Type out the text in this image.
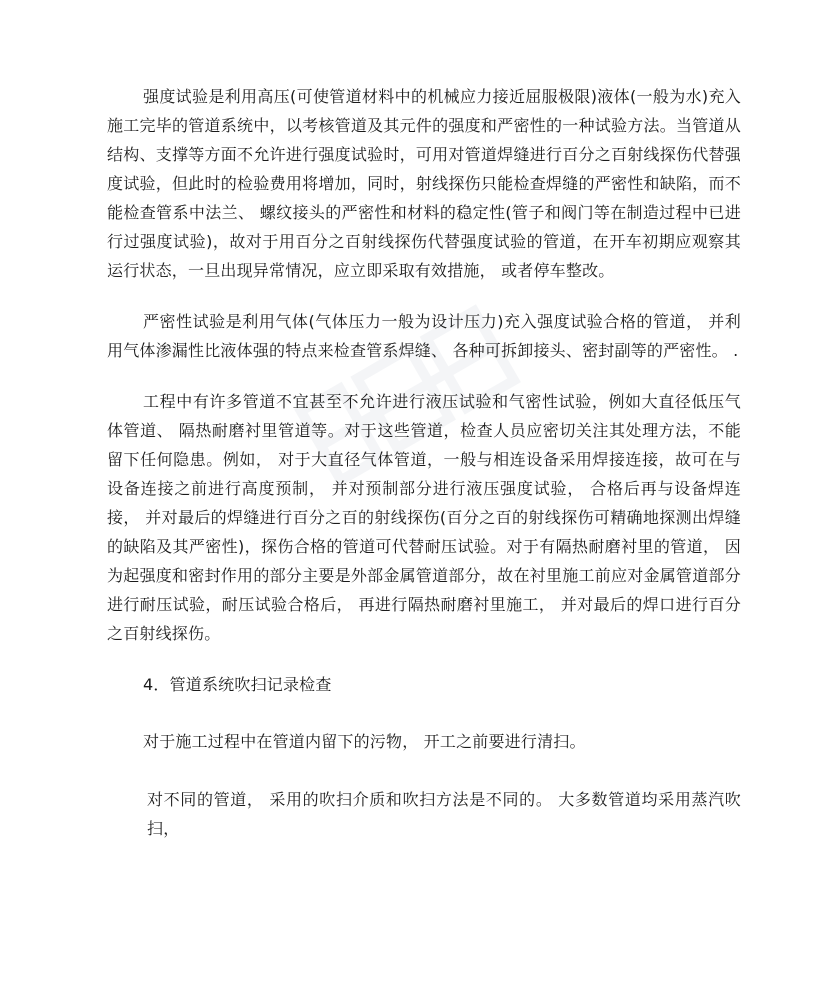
强度试验是利用高压(可使管道材料中的机械应力接近屈服极限)液体(一般为水)充入施工完毕的管道系统中，以考核管道及其元件的强度和严密性的一种试验方法。当管道从结构、支撑等方面不允许进行强度试验时，可用对管道焊缝进行百分之百射线探伤代替强度试验，但此时的检验费用将增加，同时，射线探伤只能检查焊缝的严密性和缺陷，而不能检查管系中法兰、 螺纹接头的严密性和材料的稳定性(管子和阀门等在制造过程中已进行过强度试验)，故对于用百分之百射线探伤代替强度试验的管道，在开车初期应观察其运行状态，一旦出现异常情况，应立即采取有效措施， 或者停车整改。

严密性试验是利用气体(气体压力一般为设计压力)充入强度试验合格的管道， 并利用气体渗漏性比液体强的特点来检查管系焊缝、 各种可拆卸接头、密封副等的严密性。 .

工程中有许多管道不宜甚至不允许进行液压试验和气密性试验，例如大直径低压气体管道、 隔热耐磨衬里管道等。对于这些管道，检查人员应密切关注其处理方法，不能留下任何隐患。例如， 对于大直径气体管道，一般与相连设备采用焊接连接，故可在与设备连接之前进行高度预制， 并对预制部分进行液压强度试验， 合格后再与设备焊连接， 并对最后的焊缝进行百分之百的射线探伤(百分之百的射线探伤可精确地探测出焊缝的缺陷及其严密性)，探伤合格的管道可代替耐压试验。对于有隔热耐磨衬里的管道， 因为起强度和密封作用的部分主要是外部金属管道部分，故在衬里施工前应对金属管道部分进行耐压试验，耐压试验合格后， 再进行隔热耐磨衬里施工， 并对最后的焊口进行百分之百射线探伤。

4．管道系统吹扫记录检查

对于施工过程中在管道内留下的污物， 开工之前要进行清扫。

对不同的管道， 采用的吹扫介质和吹扫方法是不同的。 大多数管道均采用蒸汽吹扫，
